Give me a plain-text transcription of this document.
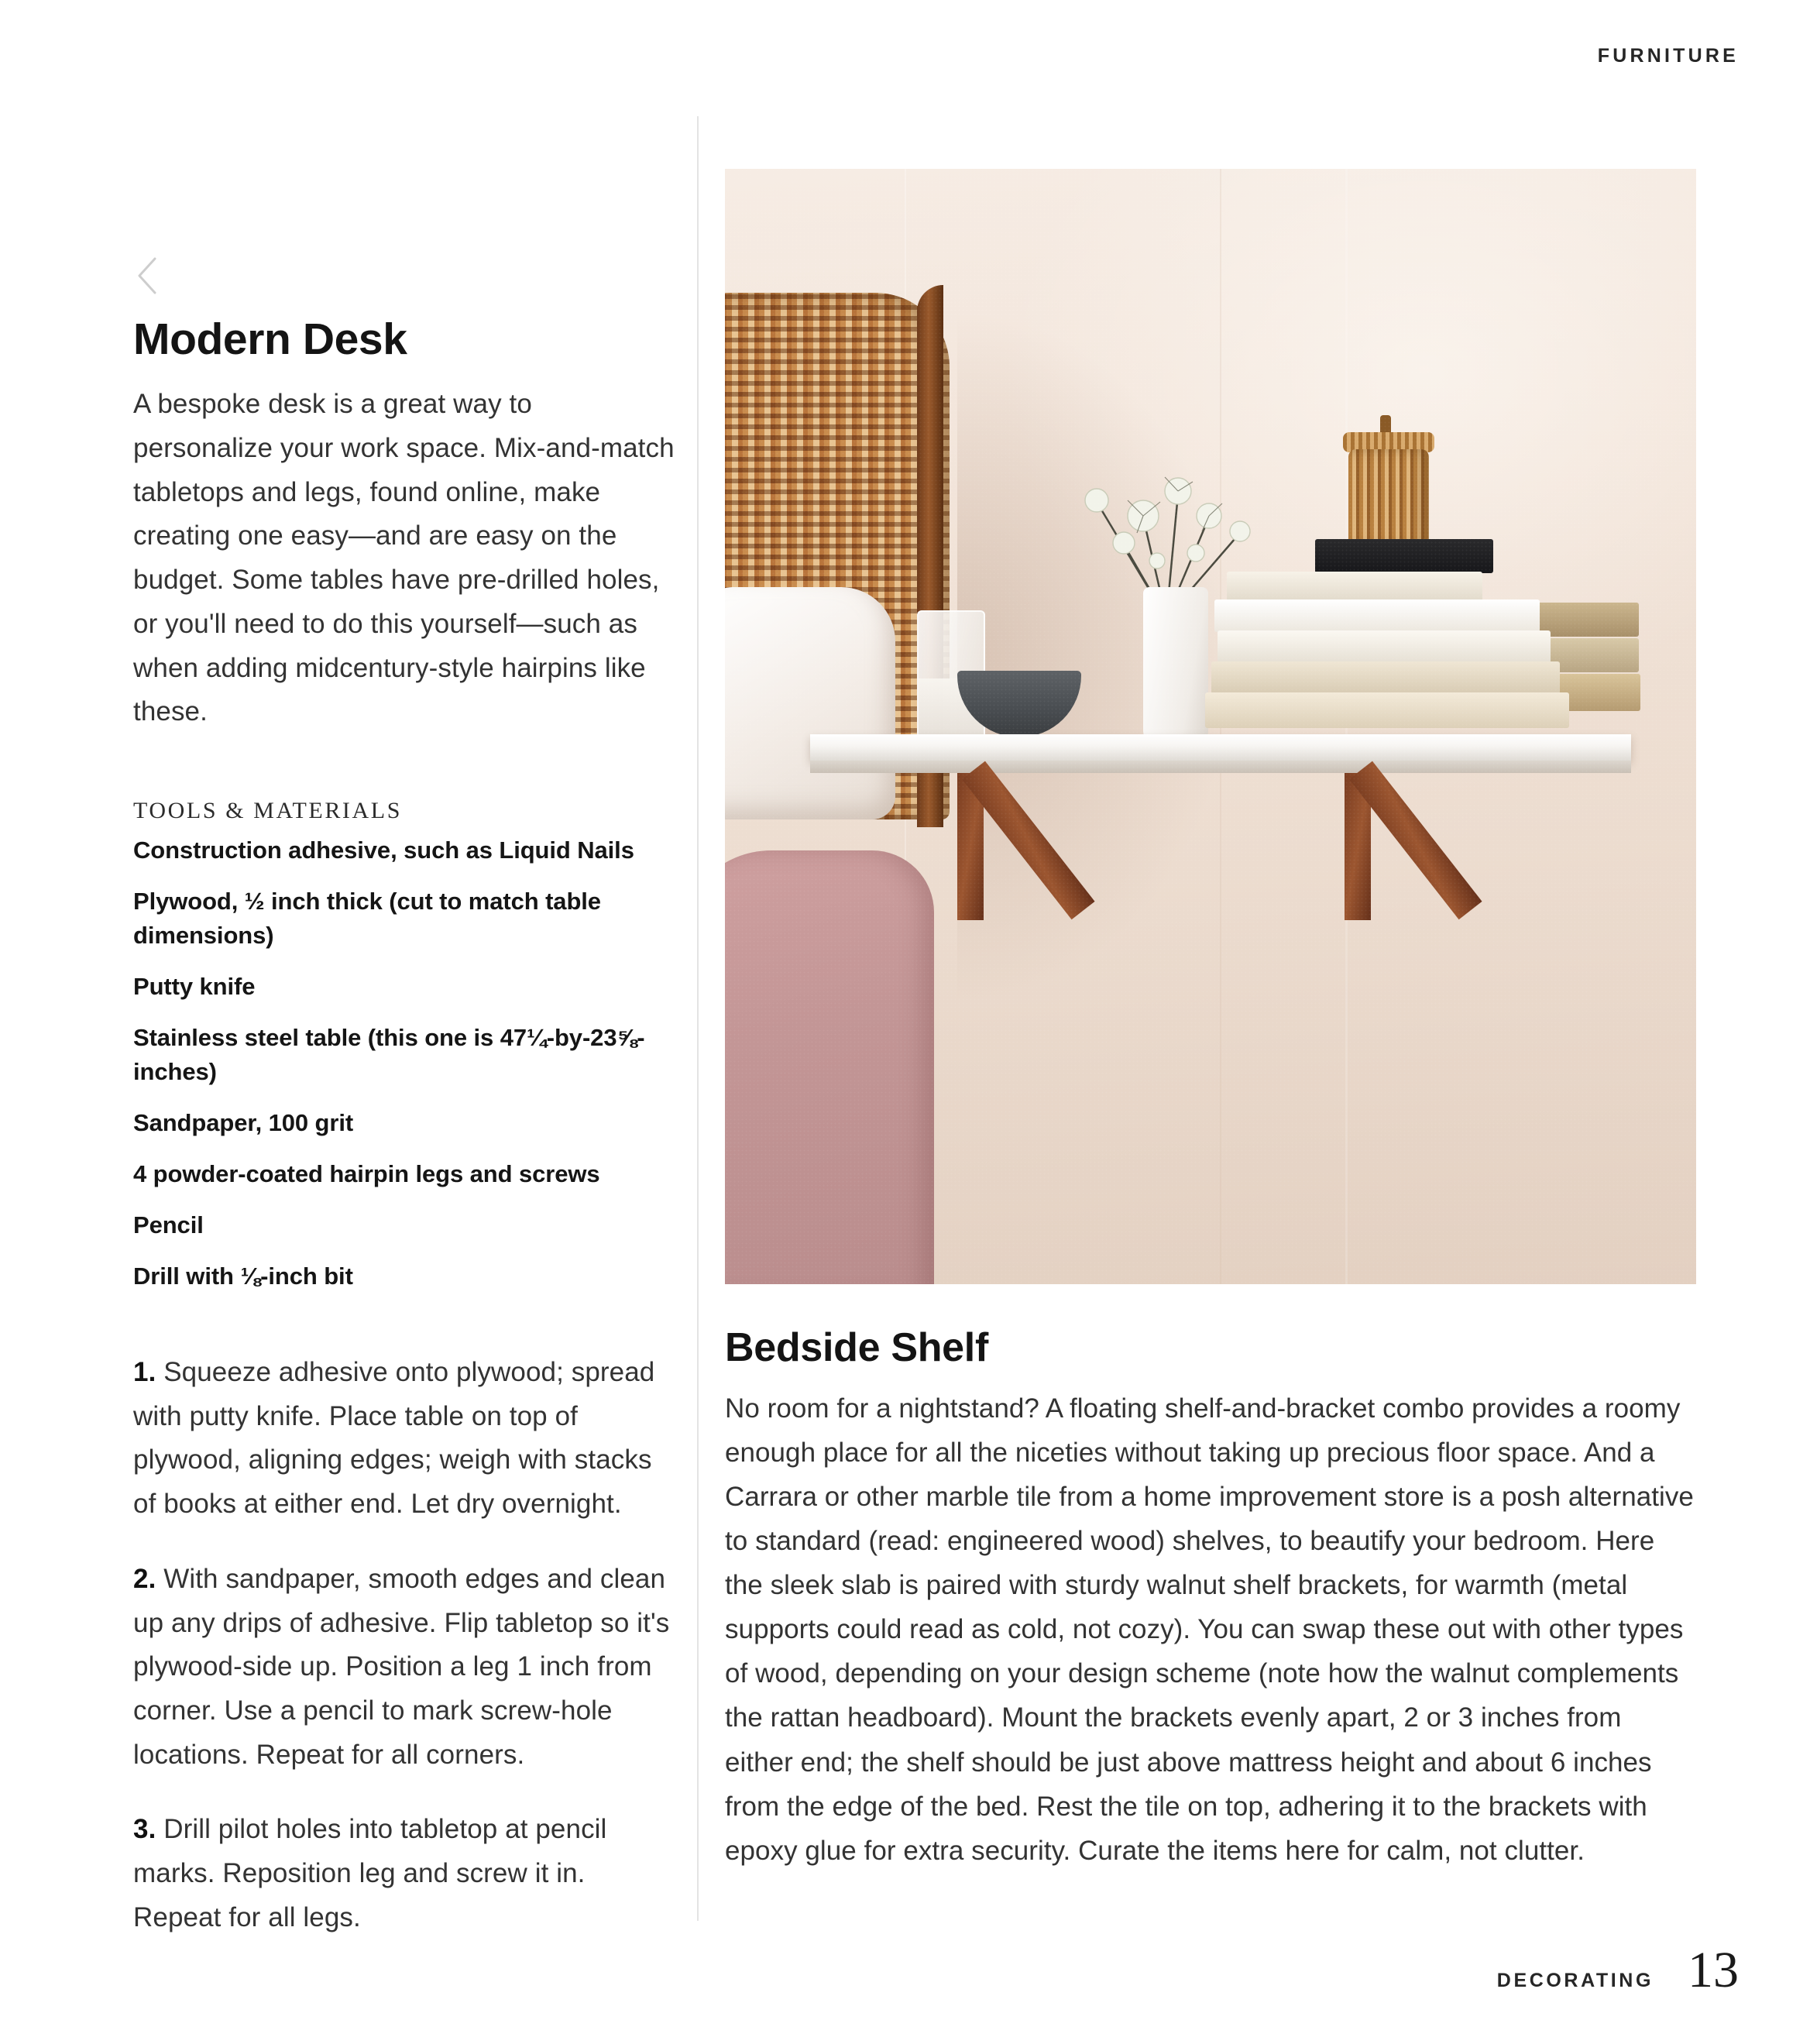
FURNITURE
Modern Desk

A bespoke desk is a great way to personalize your work space. Mix-and-match tabletops and legs, found online, make creating one easy—and are easy on the budget. Some tables have pre-drilled holes, or you'll need to do this yourself—such as when adding midcentury-style hairpins like these.

TOOLS & MATERIALS

Construction adhesive, such as Liquid Nails

Plywood, ½ inch thick (cut to match table dimensions)

Putty knife

Stainless steel table (this one is 47¼-by-23⅝-inches)

Sandpaper, 100 grit

4 powder-coated hairpin legs and screws

Pencil

Drill with ⅛-inch bit

1. Squeeze adhesive onto plywood; spread with putty knife. Place table on top of plywood, aligning edges; weigh with stacks of books at either end. Let dry overnight.

2. With sandpaper, smooth edges and clean up any drips of adhesive. Flip tabletop so it's plywood-side up. Position a leg 1 inch from corner. Use a pencil to mark screw-hole locations. Repeat for all corners.

3. Drill pilot holes into tabletop at pencil marks. Reposition leg and screw it in. Repeat for all legs.

Bedside Shelf

No room for a nightstand? A floating shelf-and-bracket combo provides a roomy enough place for all the niceties without taking up precious floor space. And a Carrara or other marble tile from a home improvement store is a posh alternative to standard (read: engineered wood) shelves, to beautify your bedroom. Here the sleek slab is paired with sturdy walnut shelf brackets, for warmth (metal supports could read as cold, not cozy). You can swap these out with other types of wood, depending on your design scheme (note how the walnut complements the rattan headboard). Mount the brackets evenly apart, 2 or 3 inches from either end; the shelf should be just above mattress height and about 6 inches from the edge of the bed. Rest the tile on top, adhering it to the brackets with epoxy glue for extra security. Curate the items here for calm, not clutter.

DECORATING 13
